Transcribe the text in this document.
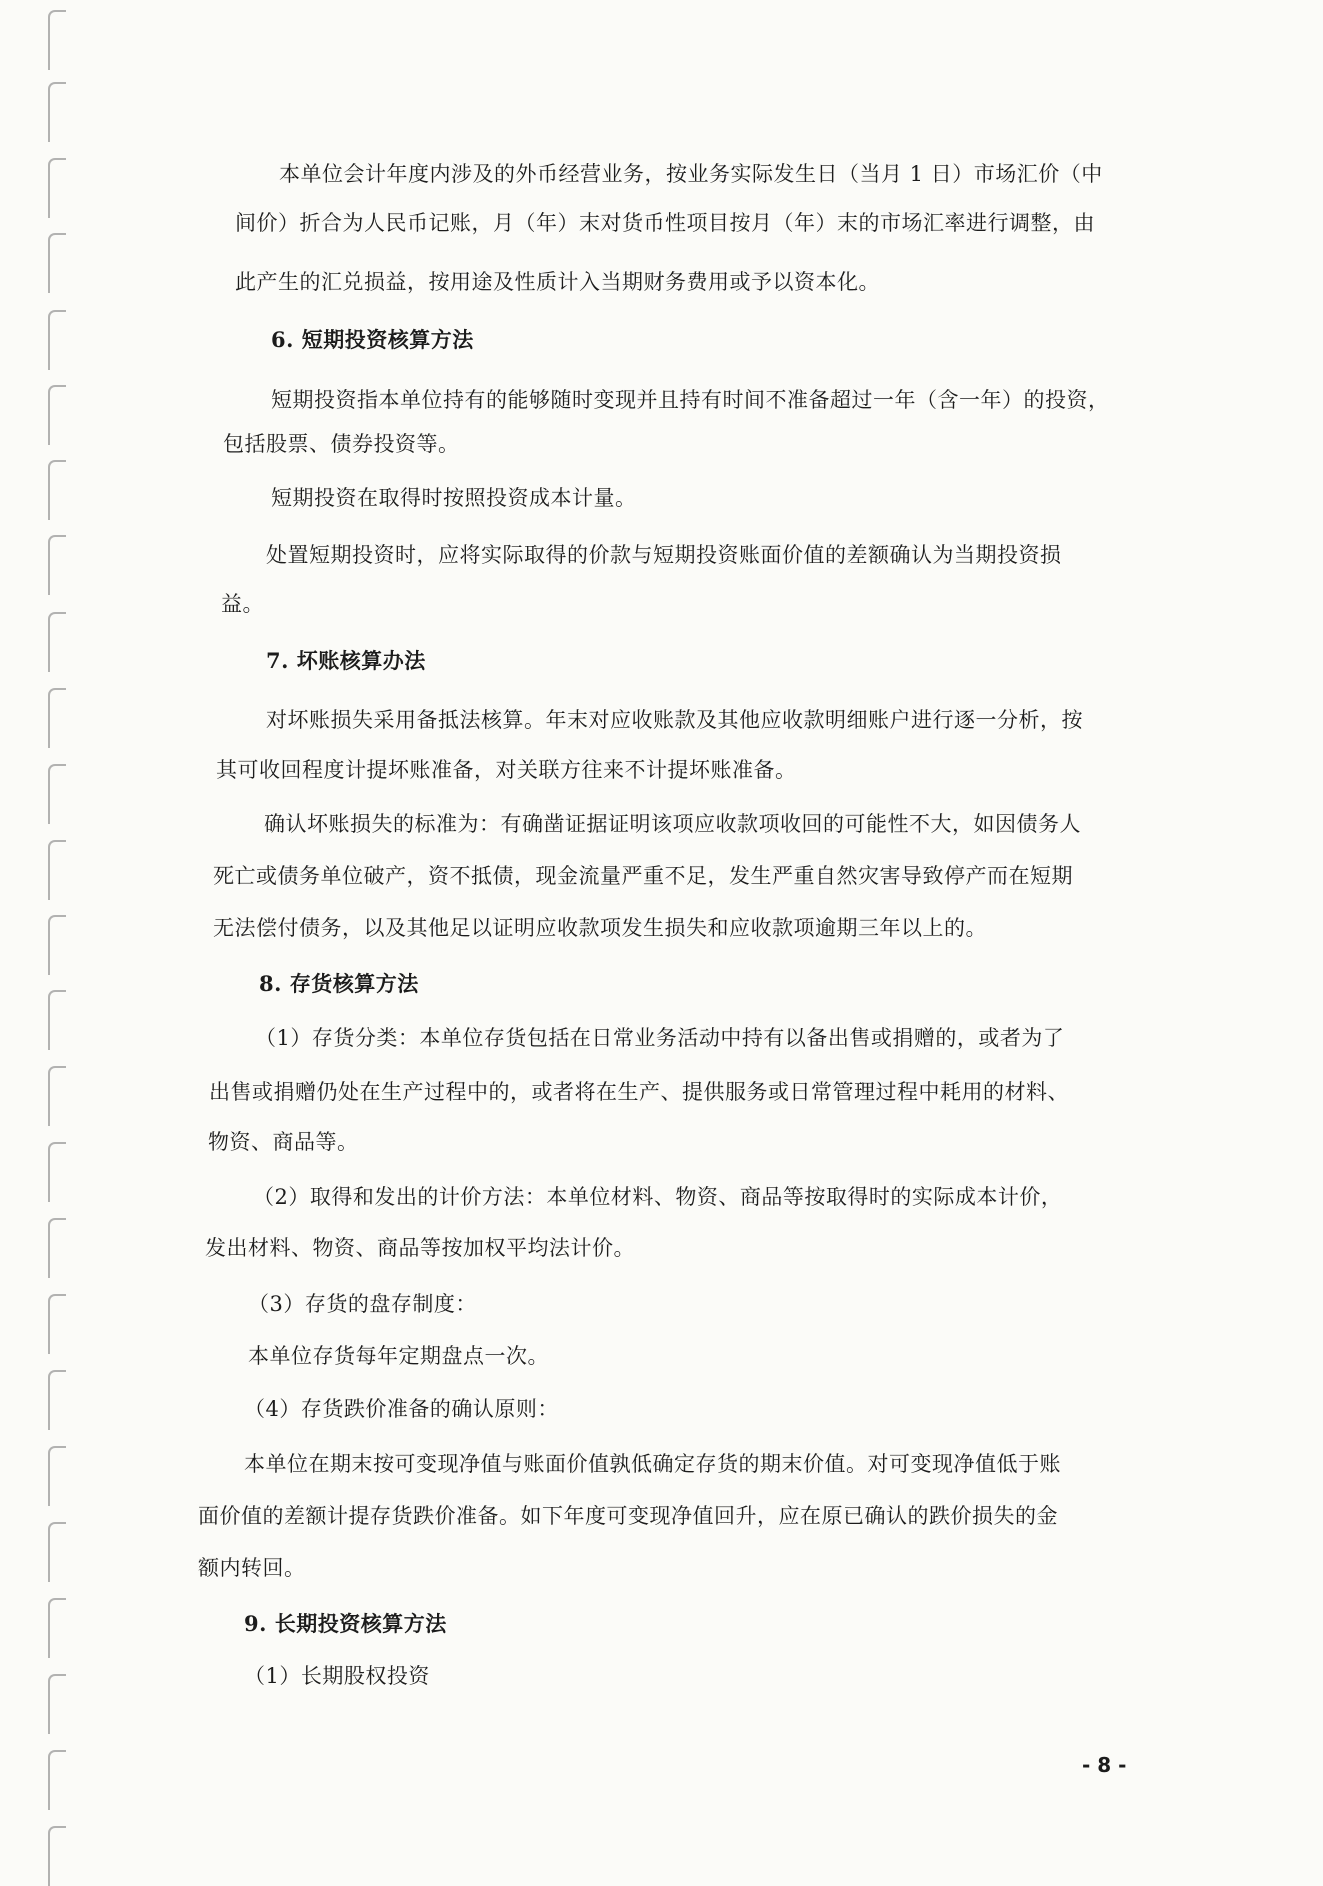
本单位会计年度内涉及的外币经营业务，按业务实际发生日（当月 1 日）市场汇价（中
间价）折合为人民币记账，月（年）末对货币性项目按月（年）末的市场汇率进行调整，由
此产生的汇兑损益，按用途及性质计入当期财务费用或予以资本化。
6. 短期投资核算方法
短期投资指本单位持有的能够随时变现并且持有时间不准备超过一年（含一年）的投资，
包括股票、债券投资等。
短期投资在取得时按照投资成本计量。
处置短期投资时，应将实际取得的价款与短期投资账面价值的差额确认为当期投资损
益。
7. 坏账核算办法
对坏账损失采用备抵法核算。年末对应收账款及其他应收款明细账户进行逐一分析，按
其可收回程度计提坏账准备，对关联方往来不计提坏账准备。
确认坏账损失的标准为：有确凿证据证明该项应收款项收回的可能性不大，如因债务人
死亡或债务单位破产，资不抵债，现金流量严重不足，发生严重自然灾害导致停产而在短期
无法偿付债务，以及其他足以证明应收款项发生损失和应收款项逾期三年以上的。
8. 存货核算方法
（1）存货分类：本单位存货包括在日常业务活动中持有以备出售或捐赠的，或者为了
出售或捐赠仍处在生产过程中的，或者将在生产、提供服务或日常管理过程中耗用的材料、
物资、商品等。
（2）取得和发出的计价方法：本单位材料、物资、商品等按取得时的实际成本计价，
发出材料、物资、商品等按加权平均法计价。
（3）存货的盘存制度：
本单位存货每年定期盘点一次。
（4）存货跌价准备的确认原则：
本单位在期末按可变现净值与账面价值孰低确定存货的期末价值。对可变现净值低于账
面价值的差额计提存货跌价准备。如下年度可变现净值回升，应在原已确认的跌价损失的金
额内转回。
9. 长期投资核算方法
（1）长期股权投资
- 8 -
